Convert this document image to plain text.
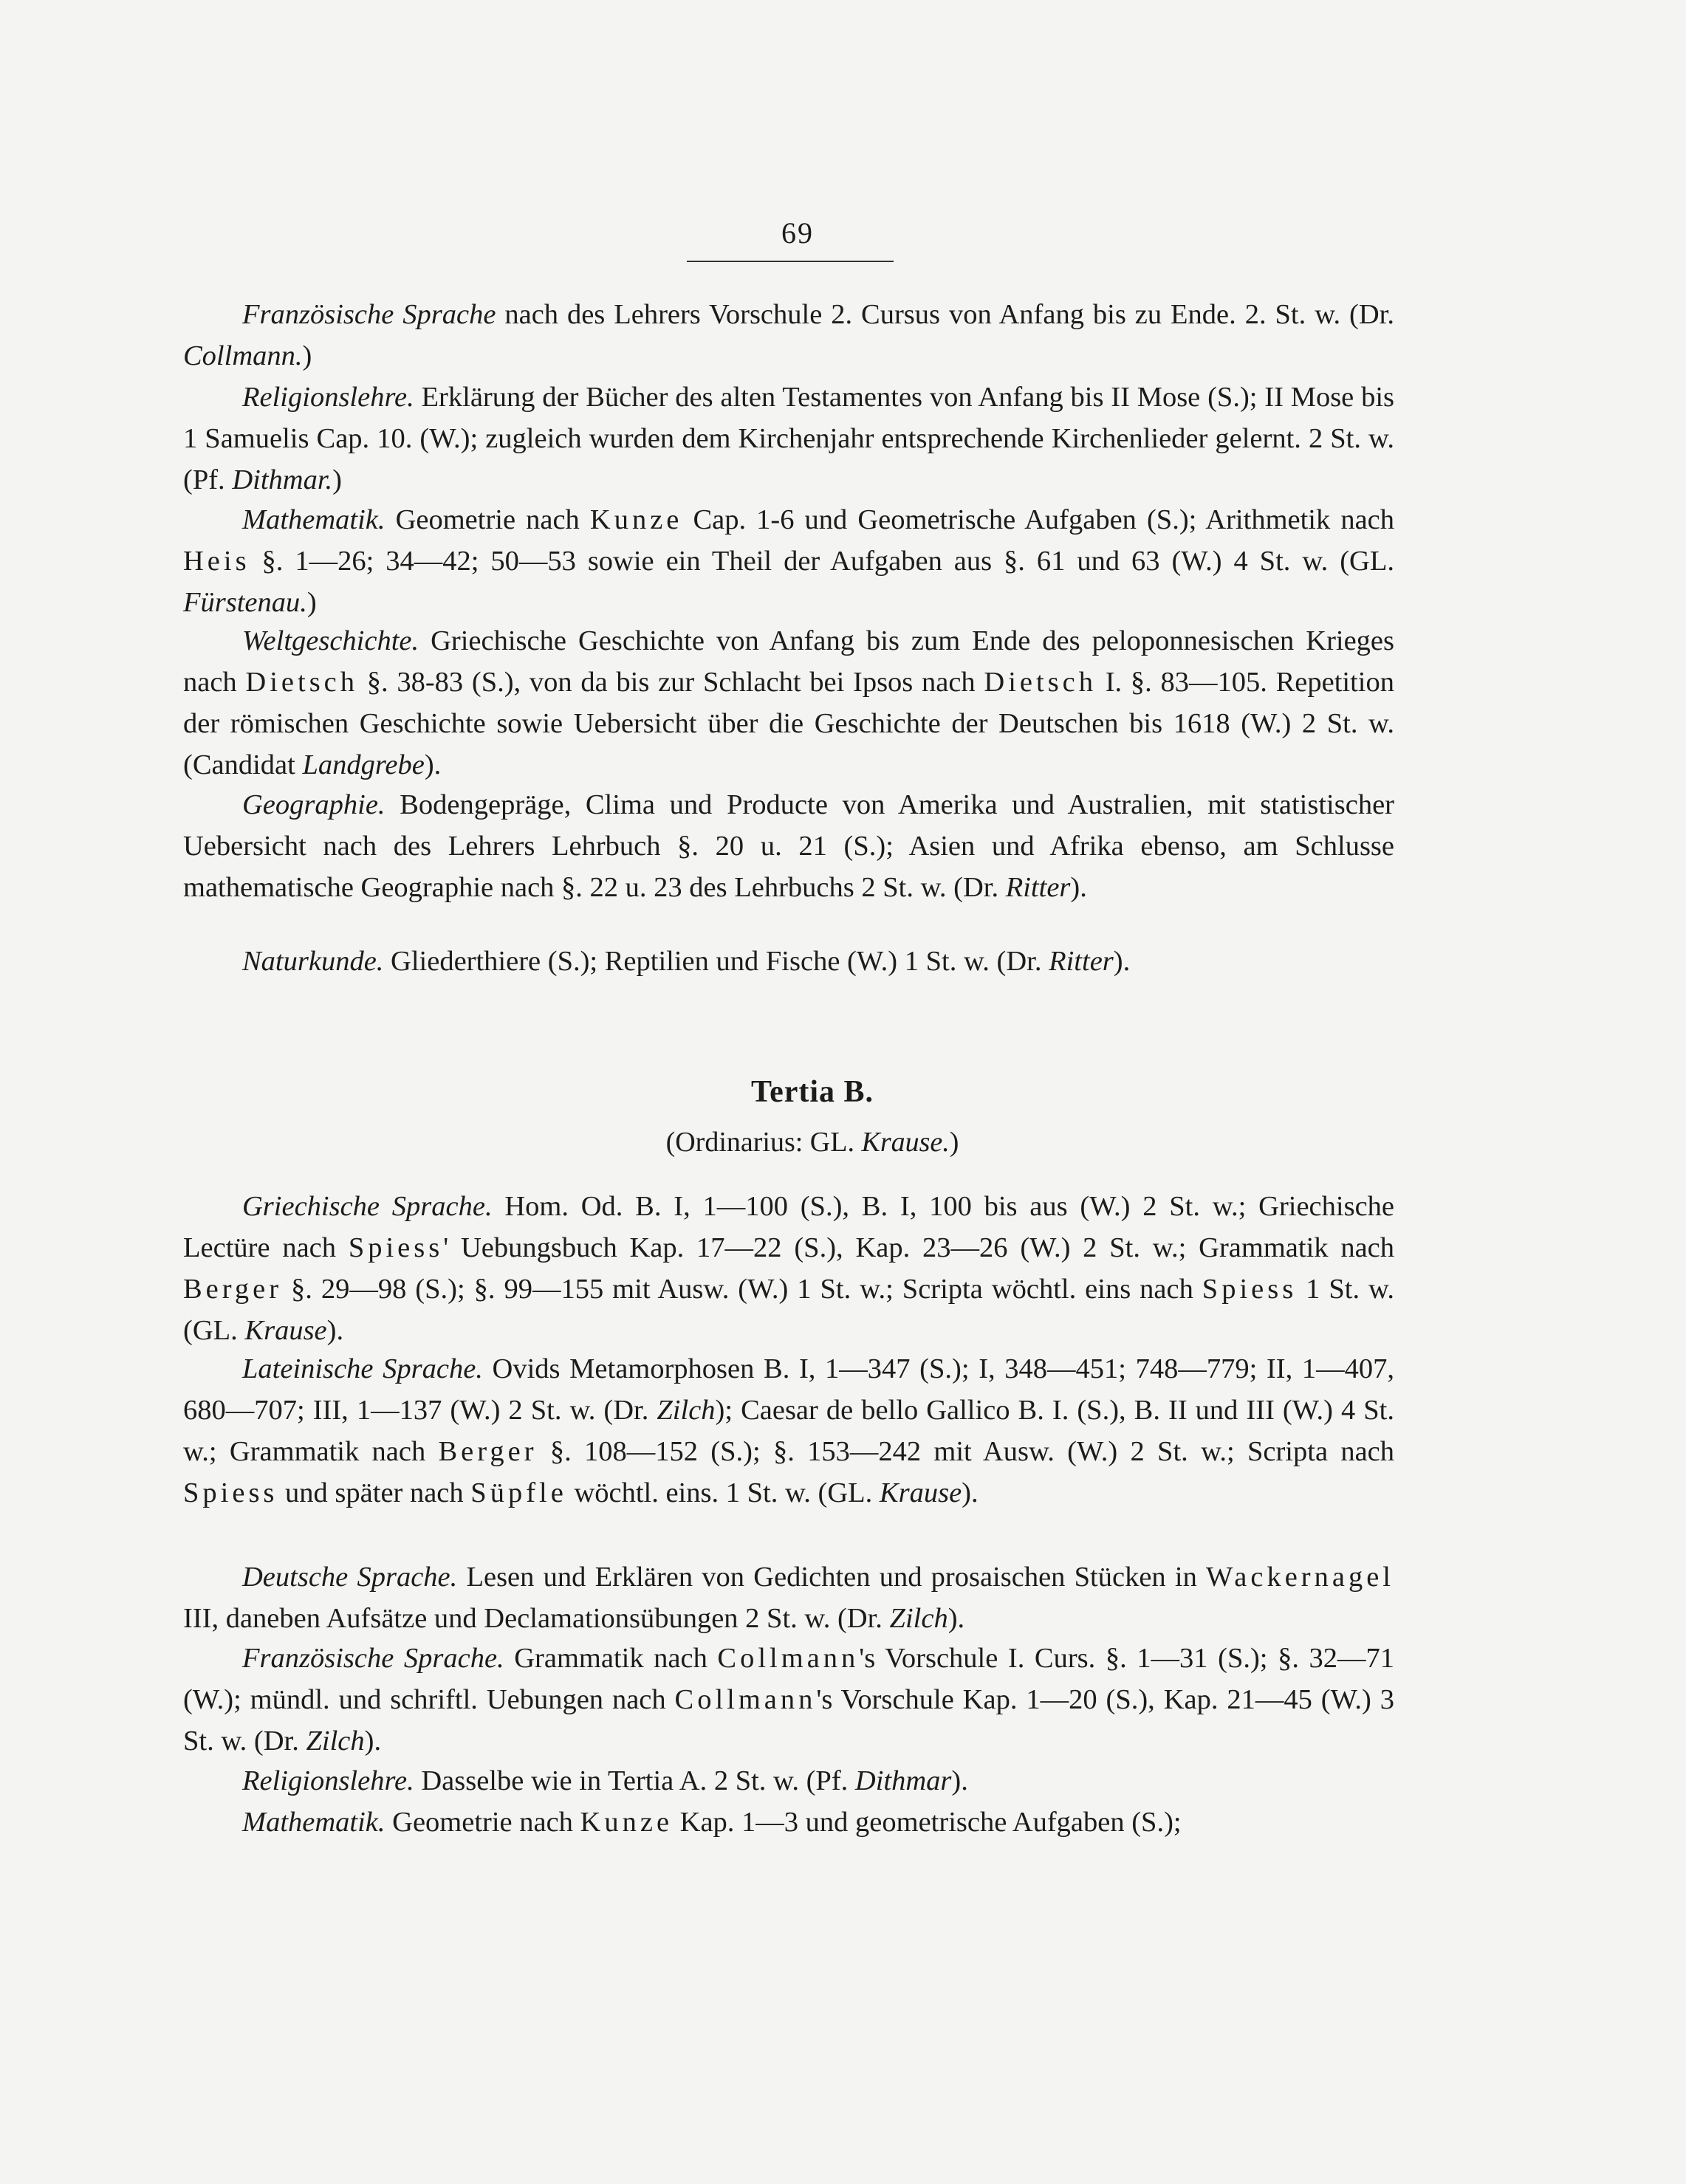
69

Französische Sprache nach des Lehrers Vorschule 2. Cursus von Anfang bis zu Ende. 2. St. w. (Dr. Collmann.)

Religionslehre. Erklärung der Bücher des alten Testamentes von Anfang bis II Mose (S.); II Mose bis 1 Samuelis Cap. 10. (W.); zugleich wurden dem Kirchenjahr entsprechende Kirchenlieder gelernt. 2 St. w. (Pf. Dithmar.)

Mathematik. Geometrie nach Kunze Cap. 1-6 und Geometrische Aufgaben (S.); Arithmetik nach Heis §. 1—26; 34—42; 50—53 sowie ein Theil der Aufgaben aus §. 61 und 63 (W.) 4 St. w. (GL. Fürstenau.)

Weltgeschichte. Griechische Geschichte von Anfang bis zum Ende des peloponnesischen Krieges nach Dietsch §. 38-83 (S.), von da bis zur Schlacht bei Ipsos nach Dietsch I. §. 83—105. Repetition der römischen Geschichte sowie Uebersicht über die Geschichte der Deutschen bis 1618 (W.) 2 St. w. (Candidat Landgrebe).

Geographie. Bodengepräge, Clima und Producte von Amerika und Australien, mit statistischer Uebersicht nach des Lehrers Lehrbuch §. 20 u. 21 (S.); Asien und Afrika ebenso, am Schlusse mathematische Geographie nach §. 22 u. 23 des Lehrbuchs 2 St. w. (Dr. Ritter).

Naturkunde. Gliederthiere (S.); Reptilien und Fische (W.) 1 St. w. (Dr. Ritter).

Tertia B.
(Ordinarius: GL. Krause.)

Griechische Sprache. Hom. Od. B. I, 1—100 (S.), B. I, 100 bis aus (W.) 2 St. w.; Griechische Lectüre nach Spiess' Uebungsbuch Kap. 17—22 (S.), Kap. 23—26 (W.) 2 St. w.; Grammatik nach Berger §. 29—98 (S.); §. 99—155 mit Ausw. (W.) 1 St. w.; Scripta wöchtl. eins nach Spiess 1 St. w. (GL. Krause).

Lateinische Sprache. Ovids Metamorphosen B. I, 1—347 (S.); I, 348—451; 748—779; II, 1—407, 680—707; III, 1—137 (W.) 2 St. w. (Dr. Zilch); Caesar de bello Gallico B. I. (S.), B. II und III (W.) 4 St. w.; Grammatik nach Berger §. 108—152 (S.); §. 153—242 mit Ausw. (W.) 2 St. w.; Scripta nach Spiess und später nach Süpfle wöchtl. eins. 1 St. w. (GL. Krause).

Deutsche Sprache. Lesen und Erklären von Gedichten und prosaischen Stücken in Wackernagel III, daneben Aufsätze und Declamationsübungen 2 St. w. (Dr. Zilch).

Französische Sprache. Grammatik nach Collmann's Vorschule I. Curs. §. 1—31 (S.); §. 32—71 (W.); mündl. und schriftl. Uebungen nach Collmann's Vorschule Kap. 1—20 (S.), Kap. 21—45 (W.) 3 St. w. (Dr. Zilch).

Religionslehre. Dasselbe wie in Tertia A. 2 St. w. (Pf. Dithmar).

Mathematik. Geometrie nach Kunze Kap. 1—3 und geometrische Aufgaben (S.);
